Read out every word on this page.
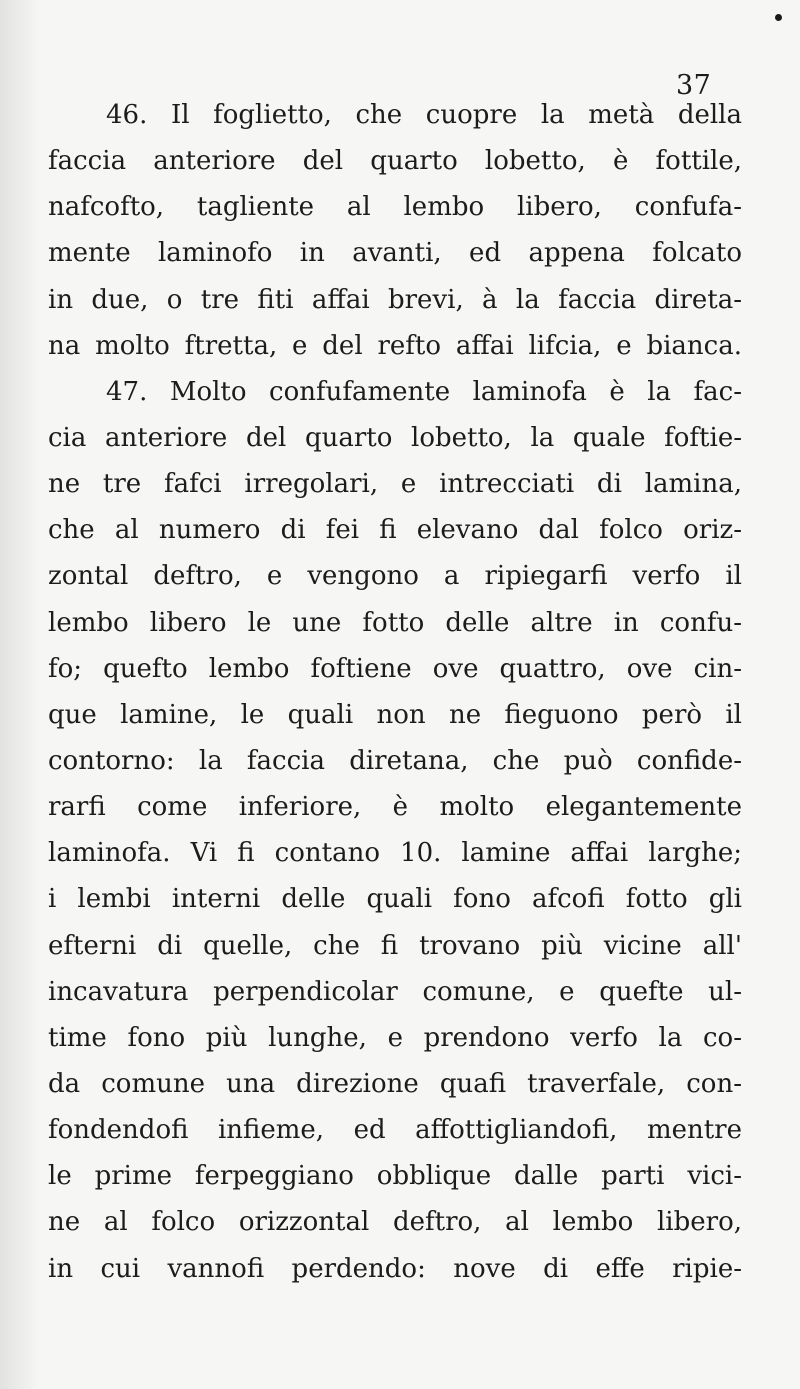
37
46. Il foglietto, che cuopre la metà della
faccia anteriore del quarto lobetto, è fottile,
nafcofto, tagliente al lembo libero, confufa-
mente laminofo in avanti, ed appena folcato
in due, o tre fiti affai brevi, à la faccia direta-
na molto ftretta, e del refto affai lifcia, e bianca.
47. Molto confufamente laminofa è la fac-
cia anteriore del quarto lobetto, la quale foftie-
ne tre fafci irregolari, e intrecciati di lamina,
che al numero di fei fi elevano dal folco oriz-
zontal deftro, e vengono a ripiegarfi verfo il
lembo libero le une fotto delle altre in confu-
fo; quefto lembo foftiene ove quattro, ove cin-
que lamine, le quali non ne fieguono però il
contorno: la faccia diretana, che può confide-
rarfi come inferiore, è molto elegantemente
laminofa. Vi fi contano 10. lamine affai larghe;
i lembi interni delle quali fono afcofi fotto gli
efterni di quelle, che fi trovano più vicine all'
incavatura perpendicolar comune, e quefte ul-
time fono più lunghe, e prendono verfo la co-
da comune una direzione quafi traverfale, con-
fondendofi infieme, ed affottigliandofi, mentre
le prime ferpeggiano obblique dalle parti vici-
ne al folco orizzontal deftro, al lembo libero,
in cui vannofi perdendo: nove di effe ripie-
